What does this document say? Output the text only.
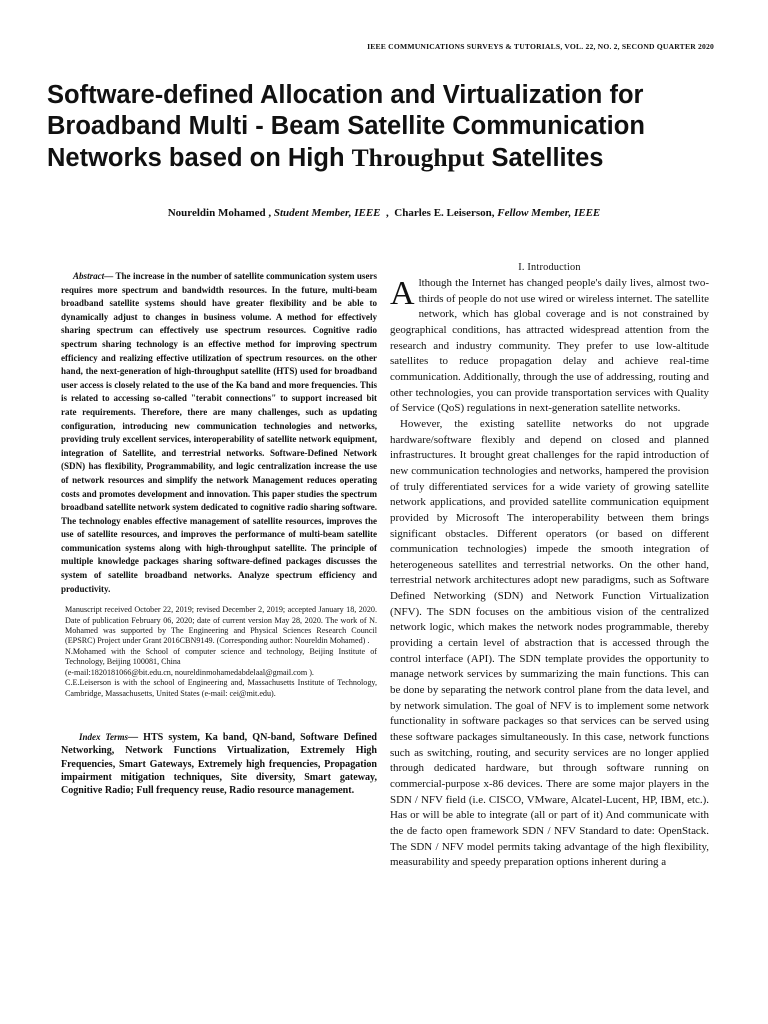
IEEE COMMUNICATIONS SURVEYS & TUTORIALS, VOL. 22, NO. 2, SECOND QUARTER 2020
Software-defined Allocation and Virtualization for Broadband Multi - Beam Satellite Communication Networks based on High Throughput Satellites
Noureldin Mohamed , Student Member, IEEE , Charles E. Leiserson, Fellow Member, IEEE

Abstract— The increase in the number of satellite communication system users requires more spectrum and bandwidth resources. In the future, multi-beam broadband satellite systems should have greater flexibility and be able to dynamically adjust to changes in business volume. A method for effectively sharing spectrum can effectively use spectrum resources. Cognitive radio spectrum sharing technology is an effective method for improving spectrum efficiency and realizing effective utilization of spectrum resources. on the other hand, the next-generation of high-throughput satellite (HTS) used for broadband user access is closely related to the use of the Ka band and more frequencies. This is related to accessing so-called "terabit connections" to support increased bit rate requirements. Therefore, there are many challenges, such as updating configuration, introducing new communication technologies and networks, providing truly excellent services, interoperability of satellite network equipment, integration of Satellite, and terrestrial networks. Software-Defined Network (SDN) has flexibility, Programmability, and logic centralization increase the use of network resources and simplify the network Management reduces operating costs and promotes development and innovation. This paper studies the spectrum broadband satellite network system dedicated to cognitive radio sharing software. The technology enables effective management of satellite resources, improves the use of satellite resources, and improves the performance of multi-beam satellite communication systems along with high-throughput satellite. The principle of multiple knowledge packages sharing software-defined packages discusses the system of satellite broadband networks. Analyze spectrum efficiency and productivity.

Manuscript received October 22, 2019; revised December 2, 2019; accepted January 18, 2020. Date of publication February 06, 2020; date of current version May 28, 2020. The work of N. Mohamed was supported by The Engineering and Physical Sciences Research Council (EPSRC) Project under Grant 2016CBN9149. (Corresponding author: Noureldin Mohamed) .

N.Mohamed with the School of computer science and technology, Beijing Institute of Technology, Beijing 100081, China

(e-mail:1820181066@bit.edu.cn, noureldinmohamedabdelaal@gmail.com ).

C.E.Leiserson is with the school of Engineering and, Massachusetts Institute of Technology, Cambridge, Massachusetts, United States (e-mail: cei@mit.edu).

Index Terms— HTS system, Ka band, QN-band, Software Defined Networking, Network Functions Virtualization, Extremely High Frequencies, Smart Gateways, Extremely high frequencies, Propagation impairment mitigation techniques, Site diversity, Smart gateway, Cognitive Radio; Full frequency reuse, Radio resource management.

I. Introduction

Although the Internet has changed people's daily lives, almost two-thirds of people do not use wired or wireless internet. The satellite network, which has global coverage and is not constrained by geographical conditions, has attracted widespread attention from the research and industry community. They prefer to use low-altitude satellites to reduce propagation delay and achieve real-time communication. Additionally, through the use of addressing, routing and other technologies, you can provide transportation services with Quality of Service (QoS) regulations in next-generation satellite networks.

However, the existing satellite networks do not upgrade hardware/software flexibly and depend on closed and planned infrastructures. It brought great challenges for the rapid introduction of new communication technologies and networks, hampered the provision of truly differentiated services for a wide variety of growing satellite network applications, and provided satellite communication equipment provided by Microsoft The interoperability between them brings significant obstacles. Different operators (or based on different communication technologies) impede the smooth integration of heterogeneous satellites and terrestrial networks. On the other hand, terrestrial network architectures adopt new paradigms, such as Software Defined Networking (SDN) and Network Function Virtualization (NFV). The SDN focuses on the ambitious vision of the centralized network logic, which makes the network nodes programmable, thereby providing a certain level of abstraction that is accessed through the control interface (API). The SDN template provides the opportunity to manage network services by summarizing the main functions. This can be done by separating the network control plane from the data level, and by network simulation. The goal of NFV is to implement some network functionality in software packages so that services can be served using these software packages simultaneously. In this case, network functions such as switching, routing, and security services are no longer applied through dedicated hardware, but through software running on commercial-purpose x-86 devices. There are some major players in the SDN / NFV field (i.e. CISCO, VMware, Alcatel-Lucent, HP, IBM, etc.). Has or will be able to integrate (all or part of it) And communicate with the de facto open framework SDN / NFV Standard to date: OpenStack. The SDN / NFV model permits taking advantage of the high flexibility, measurability and speedy preparation options inherent during a
